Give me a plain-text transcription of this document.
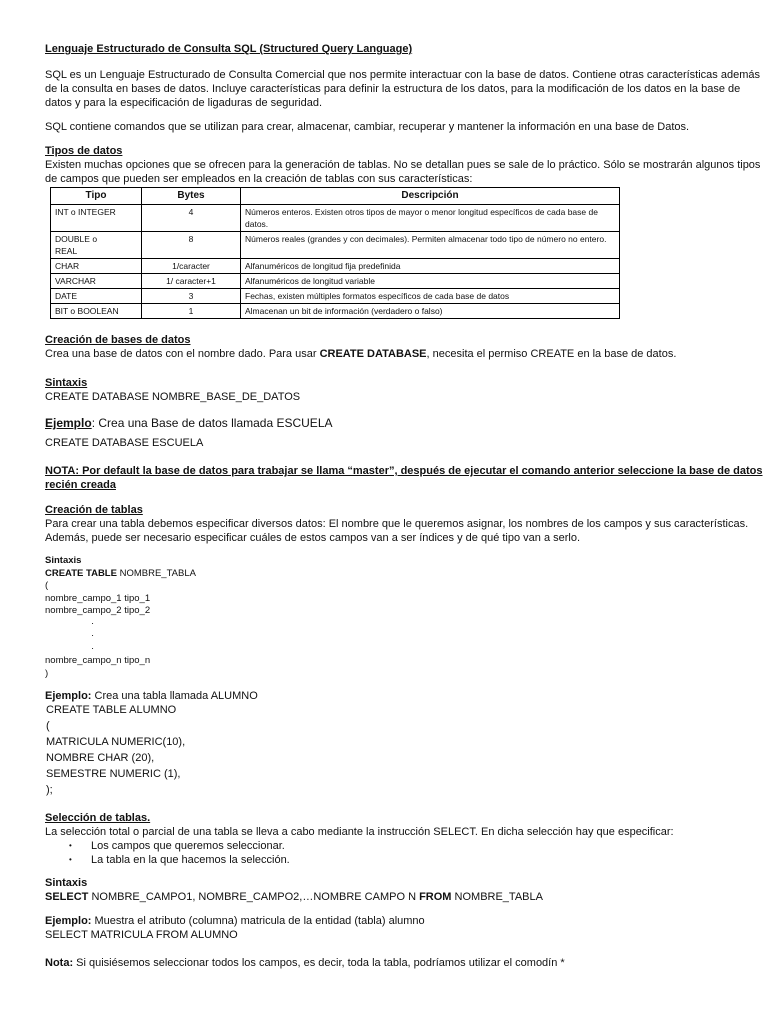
Lenguaje Estructurado de Consulta SQL (Structured Query Language)
SQL es un Lenguaje Estructurado de Consulta Comercial que nos permite interactuar con la base de datos. Contiene otras características además
de la consulta en bases de datos. Incluye características para definir la estructura de los datos, para la modificación de los datos en la base de
datos y para la especificación de ligaduras de seguridad.
SQL contiene comandos que se utilizan para crear, almacenar, cambiar, recuperar y mantener la información en una base de Datos.
Tipos de datos
Existen muchas opciones que se ofrecen para la generación de tablas. No se detallan pues se sale de lo práctico. Sólo se mostrarán algunos tipos
de campos que pueden ser empleados en la creación de tablas con sus características:
Tipo	Bytes	Descripción
INT o INTEGER	4	Números enteros. Existen otros tipos de mayor o menor longitud específicos de cada base de datos.
DOUBLE o REAL	8	Números reales (grandes y con decimales). Permiten almacenar todo tipo de número no entero.
CHAR	1/caracter	Alfanuméricos de longitud fija predefinida
VARCHAR	1/ caracter+1	Alfanuméricos de longitud variable
DATE	3	Fechas, existen múltiples formatos específicos de cada base de datos
BIT o BOOLEAN	1	Almacenan un bit de información (verdadero o falso)
Creación de bases de datos
Crea una base de datos con el nombre dado. Para usar CREATE DATABASE, necesita el permiso CREATE en la base de datos.
Sintaxis
CREATE DATABASE NOMBRE_BASE_DE_DATOS
Ejemplo: Crea una Base de datos llamada ESCUELA
CREATE DATABASE ESCUELA
NOTA: Por default la base de datos para trabajar se llama “master”, después de ejecutar el comando anterior seleccione la base de datos
recién creada
Creación de tablas
Para crear una tabla debemos especificar diversos datos: El nombre que le queremos asignar, los nombres de los campos y sus características.
Además, puede ser necesario especificar cuáles de estos campos van a ser índices y de qué tipo van a serlo.
Sintaxis
CREATE TABLE NOMBRE_TABLA
(
nombre_campo_1 tipo_1
nombre_campo_2 tipo_2
·
·
·
nombre_campo_n tipo_n
)
Ejemplo: Crea una tabla llamada ALUMNO
CREATE TABLE ALUMNO
(
MATRICULA NUMERIC(10),
NOMBRE CHAR (20),
SEMESTRE NUMERIC (1),
);
Selección de tablas.
La selección total o parcial de una tabla se lleva a cabo mediante la instrucción SELECT. En dicha selección hay que especificar:
• Los campos que queremos seleccionar.
• La tabla en la que hacemos la selección.
Sintaxis
SELECT NOMBRE_CAMPO1, NOMBRE_CAMPO2,…NOMBRE CAMPO N FROM NOMBRE_TABLA
Ejemplo: Muestra el atributo (columna) matricula de la entidad (tabla) alumno
SELECT MATRICULA FROM ALUMNO
Nota: Si quisiésemos seleccionar todos los campos, es decir, toda la tabla, podríamos utilizar el comodín *
